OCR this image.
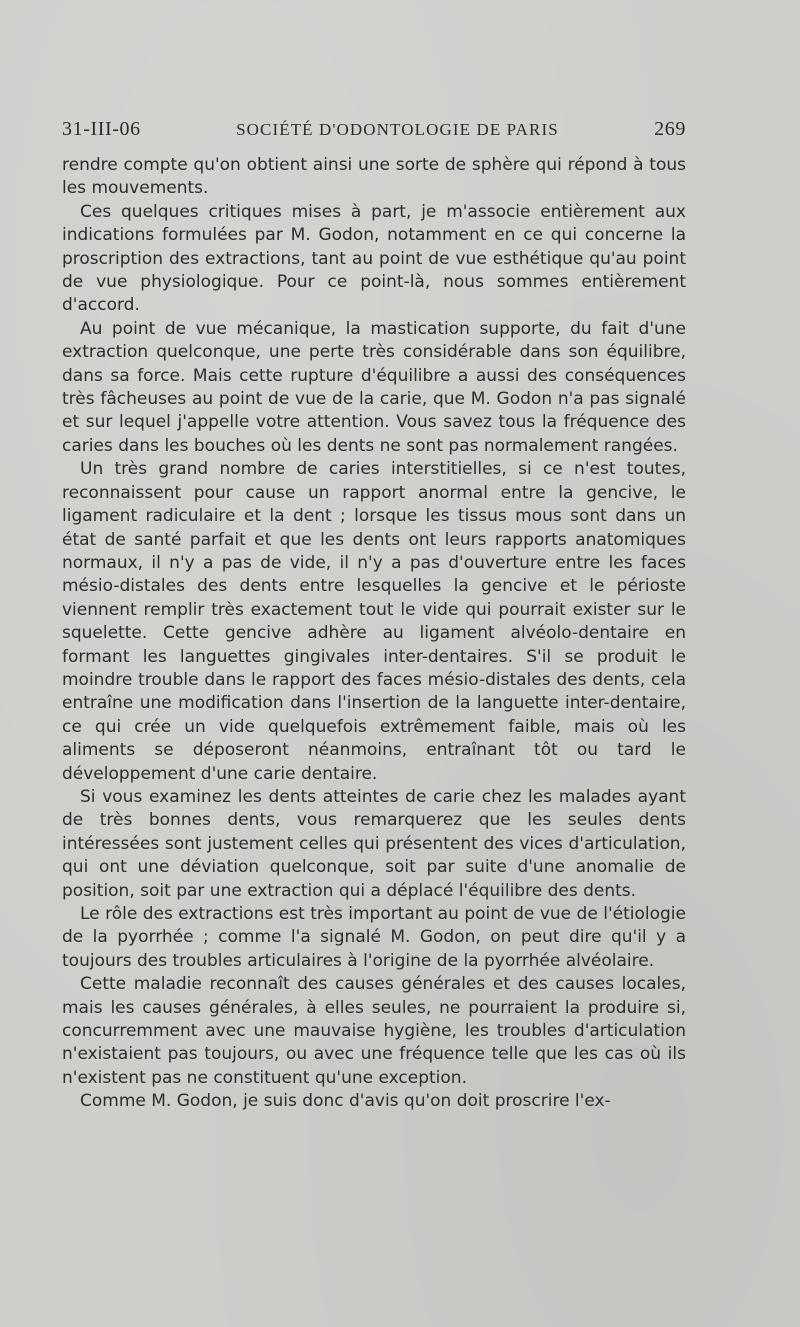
31-III-06	SOCIÉTÉ D'ODONTOLOGIE DE PARIS	269

rendre compte qu'on obtient ainsi une sorte de sphère qui répond à tous les mouvements.

Ces quelques critiques mises à part, je m'associe entièrement aux indications formulées par M. Godon, notamment en ce qui concerne la proscription des extractions, tant au point de vue esthétique qu'au point de vue physiologique. Pour ce point-là, nous sommes entièrement d'accord.

Au point de vue mécanique, la mastication supporte, du fait d'une extraction quelconque, une perte très considérable dans son équilibre, dans sa force. Mais cette rupture d'équilibre a aussi des conséquences très fâcheuses au point de vue de la carie, que M. Godon n'a pas signalé et sur lequel j'appelle votre attention. Vous savez tous la fréquence des caries dans les bouches où les dents ne sont pas normalement rangées.

Un très grand nombre de caries interstitielles, si ce n'est toutes, reconnaissent pour cause un rapport anormal entre la gencive, le ligament radiculaire et la dent ; lorsque les tissus mous sont dans un état de santé parfait et que les dents ont leurs rapports anatomiques normaux, il n'y a pas de vide, il n'y a pas d'ouverture entre les faces mésio-distales des dents entre lesquelles la gencive et le périoste viennent remplir très exactement tout le vide qui pourrait exister sur le squelette. Cette gencive adhère au ligament alvéolo-dentaire en formant les languettes gingivales inter-dentaires. S'il se produit le moindre trouble dans le rapport des faces mésio-distales des dents, cela entraîne une modification dans l'insertion de la languette inter-dentaire, ce qui crée un vide quelquefois extrêmement faible, mais où les aliments se déposeront néanmoins, entraînant tôt ou tard le développement d'une carie dentaire.

Si vous examinez les dents atteintes de carie chez les malades ayant de très bonnes dents, vous remarquerez que les seules dents intéressées sont justement celles qui présentent des vices d'articulation, qui ont une déviation quelconque, soit par suite d'une anomalie de position, soit par une extraction qui a déplacé l'équilibre des dents.

Le rôle des extractions est très important au point de vue de l'étiologie de la pyorrhée ; comme l'a signalé M. Godon, on peut dire qu'il y a toujours des troubles articulaires à l'origine de la pyorrhée alvéolaire.

Cette maladie reconnaît des causes générales et des causes locales, mais les causes générales, à elles seules, ne pourraient la produire si, concurremment avec une mauvaise hygiène, les troubles d'articulation n'existaient pas toujours, ou avec une fréquence telle que les cas où ils n'existent pas ne constituent qu'une exception.

Comme M. Godon, je suis donc d'avis qu'on doit proscrire l'ex-
